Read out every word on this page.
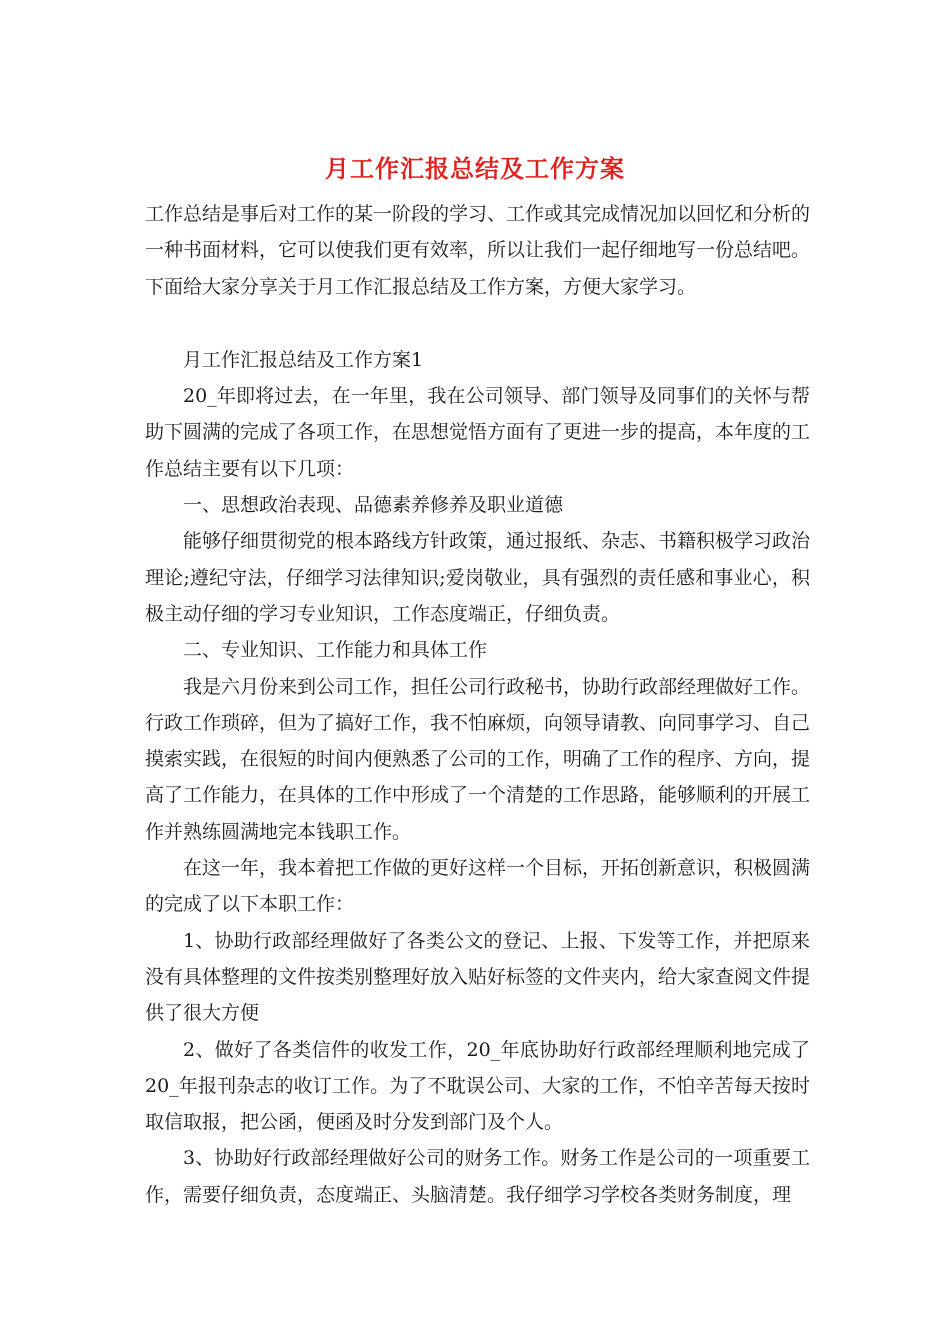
月工作汇报总结及工作方案

工作总结是事后对工作的某一阶段的学习、工作或其完成情况加以回忆和分析的一种书面材料，它可以使我们更有效率，所以让我们一起仔细地写一份总结吧。下面给大家分享关于月工作汇报总结及工作方案，方便大家学习。

月工作汇报总结及工作方案1

20_年即将过去，在一年里，我在公司领导、部门领导及同事们的关怀与帮助下圆满的完成了各项工作，在思想觉悟方面有了更进一步的提高，本年度的工作总结主要有以下几项：

一、思想政治表现、品德素养修养及职业道德

能够仔细贯彻党的根本路线方针政策，通过报纸、杂志、书籍积极学习政治理论;遵纪守法，仔细学习法律知识;爱岗敬业，具有强烈的责任感和事业心，积极主动仔细的学习专业知识，工作态度端正，仔细负责。

二、专业知识、工作能力和具体工作

我是六月份来到公司工作，担任公司行政秘书，协助行政部经理做好工作。行政工作琐碎，但为了搞好工作，我不怕麻烦，向领导请教、向同事学习、自己摸索实践，在很短的时间内便熟悉了公司的工作，明确了工作的程序、方向，提高了工作能力，在具体的工作中形成了一个清楚的工作思路，能够顺利的开展工作并熟练圆满地完本钱职工作。

在这一年，我本着把工作做的更好这样一个目标，开拓创新意识，积极圆满的完成了以下本职工作：

1、协助行政部经理做好了各类公文的登记、上报、下发等工作，并把原来没有具体整理的文件按类别整理好放入贴好标签的文件夹内，给大家查阅文件提供了很大方便

2、做好了各类信件的收发工作，20_年底协助好行政部经理顺利地完成了20_年报刊杂志的收订工作。为了不耽误公司、大家的工作，不怕辛苦每天按时取信取报，把公函，便函及时分发到部门及个人。

3、协助好行政部经理做好公司的财务工作。财务工作是公司的一项重要工作，需要仔细负责，态度端正、头脑清楚。我仔细学习学校各类财务制度，理
